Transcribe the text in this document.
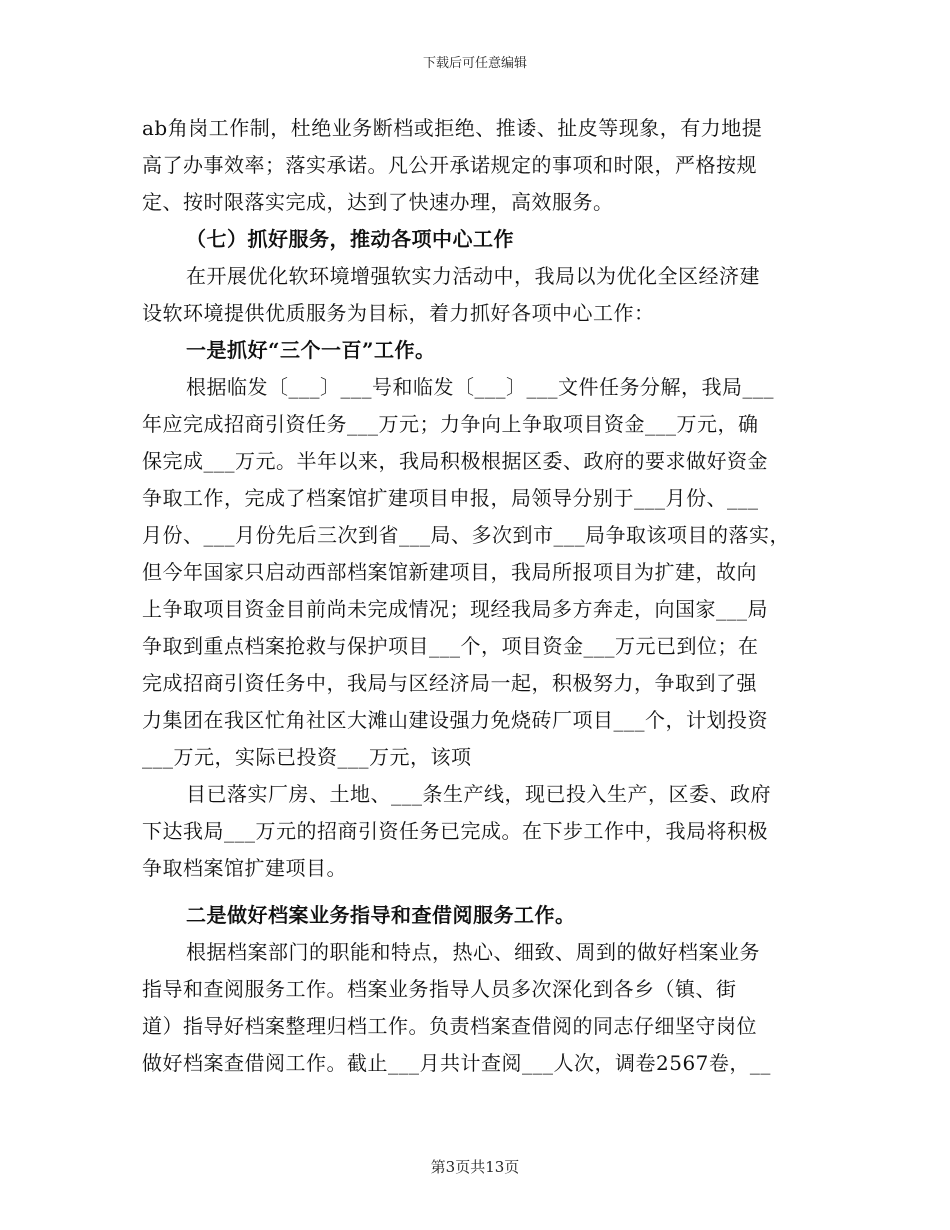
下载后可任意编辑
ab角岗工作制，杜绝业务断档或拒绝、推诿、扯皮等现象，有力地提
高了办事效率；落实承诺。凡公开承诺规定的事项和时限，严格按规
定、按时限落实完成，达到了快速办理，高效服务。
（七）抓好服务，推动各项中心工作
在开展优化软环境增强软实力活动中，我局以为优化全区经济建
设软环境提供优质服务为目标，着力抓好各项中心工作：
一是抓好“三个一百”工作。
根据临发〔___〕___号和临发〔___〕___文件任务分解，我局___
年应完成招商引资任务___万元；力争向上争取项目资金___万元，确
保完成___万元。半年以来，我局积极根据区委、政府的要求做好资金
争取工作，完成了档案馆扩建项目申报，局领导分别于___月份、___
月份、___月份先后三次到省___局、多次到市___局争取该项目的落实，
但今年国家只启动西部档案馆新建项目，我局所报项目为扩建，故向
上争取项目资金目前尚未完成情况；现经我局多方奔走，向国家___局
争取到重点档案抢救与保护项目___个，项目资金___万元已到位；在
完成招商引资任务中，我局与区经济局一起，积极努力，争取到了强
力集团在我区忙角社区大滩山建设强力免烧砖厂项目___个，计划投资
___万元，实际已投资___万元，该项
目已落实厂房、土地、___条生产线，现已投入生产，区委、政府
下达我局___万元的招商引资任务已完成。在下步工作中，我局将积极
争取档案馆扩建项目。
二是做好档案业务指导和查借阅服务工作。
根据档案部门的职能和特点，热心、细致、周到的做好档案业务
指导和查阅服务工作。档案业务指导人员多次深化到各乡（镇、街
道）指导好档案整理归档工作。负责档案查借阅的同志仔细坚守岗位
做好档案查借阅工作。截止___月共计查阅___人次，调卷2567卷，__
第3页共13页
